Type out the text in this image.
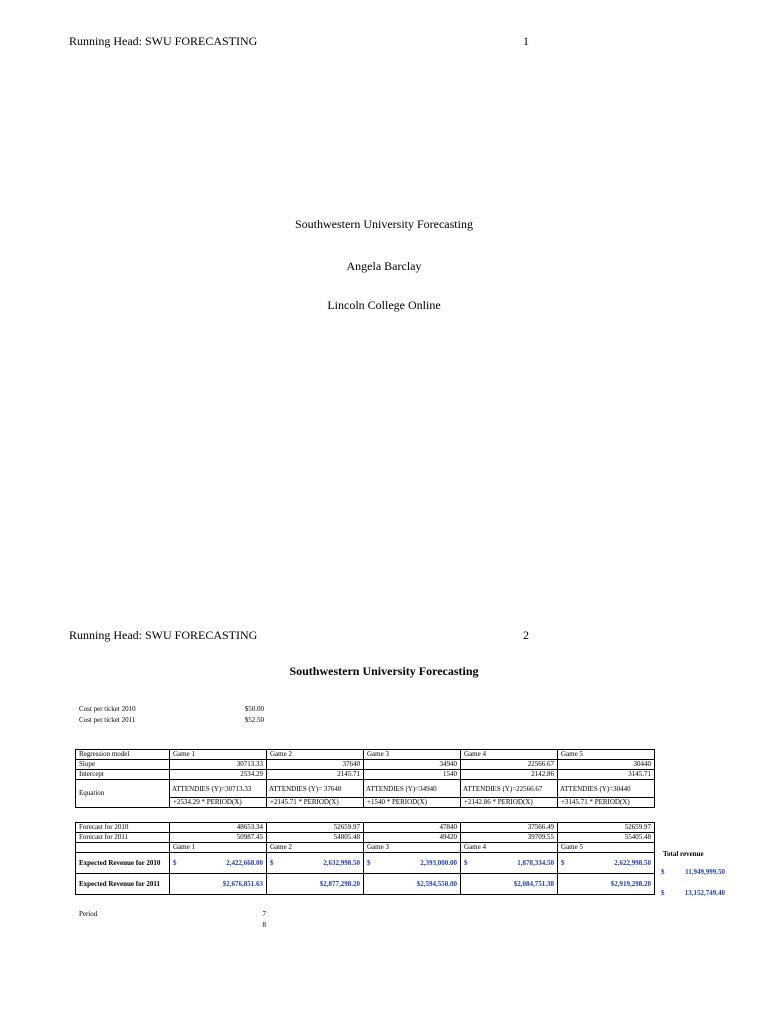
Running Head: SWU FORECASTING	1
Southwestern University Forecasting
Angela Barclay
Lincoln College Online
Running Head: SWU FORECASTING	2
Southwestern University Forecasting
Cost per ticket 2010	$50.00
Cost per ticket 2011	$52.50
Regression model	Game 1	Game 2	Game 3	Game 4	Game 5
Slope	30713.33	37640	34940	22566.67	30440
Intercept	2534.29	2145.71	1540	2142.86	3145.71
Equation	ATTENDIES (Y)=30713.33	ATTENDIES (Y)= 37640	ATTENDIES (Y)=34940	ATTENDIES (Y)=22566.67	ATTENDIES (Y)=30440
	+2534.29 * PERIOD(X)	+2145.71 * PERIOD(X)	+1540 * PERIOD(X)	+2142.86 * PERIOD(X)	+3145.71 * PERIOD(X)
Forecast for 2010	48653.34	52659.97	47840	37566.49	52659.97
Forecast for 2011	50987.45	54805.48	49420	39709.55	55405.48
	Game 1	Game 2	Game 3	Game 4	Game 5
Expected Revenue for 2010	$ 2,422,668.00	$ 2,632,998.50	$ 2,393,000.00	$ 1,878,334.50	$ 2,622,998.50

Expected Revenue for 2011	$2,676,851.63	$2,877,298.20	$2,594,550.00	$2,084,751.38	$2,919,298.20
Total revenue
$	11,949,999.50
$	13,152,749.40
Period	7
8
